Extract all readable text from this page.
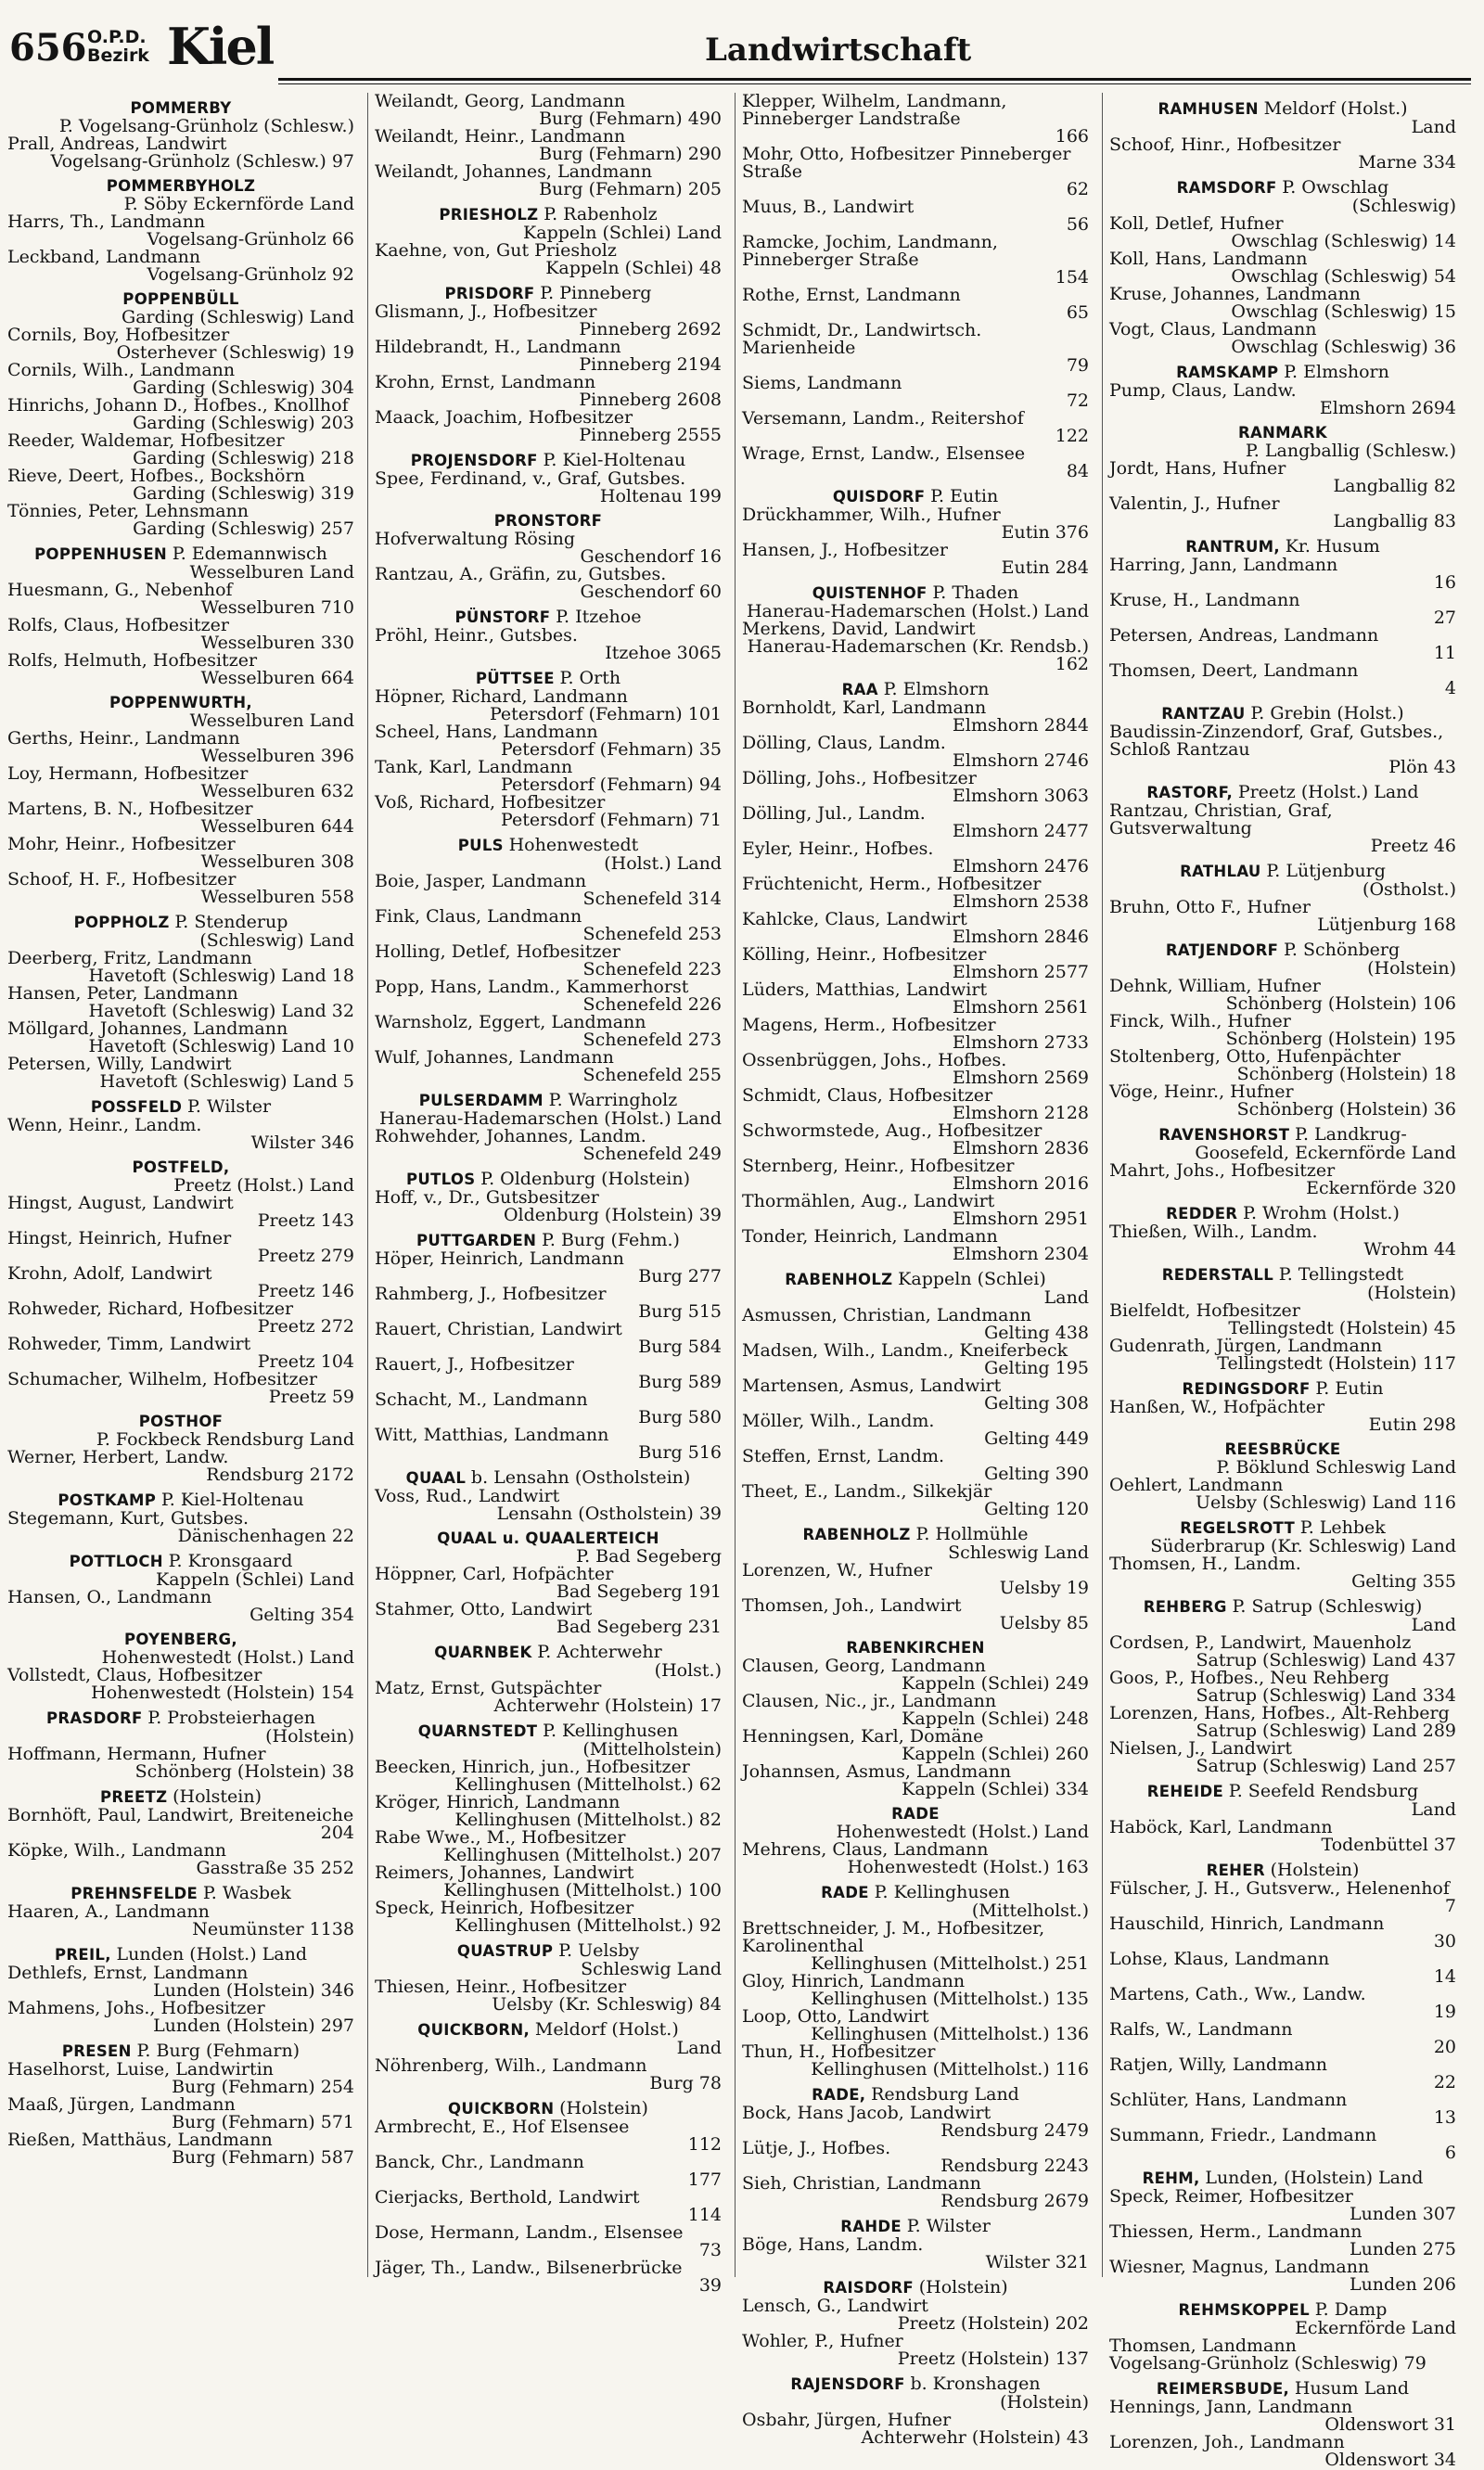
656 O.P.D.
Bezirk Kiel	Landwirtschaft
POMMERBY
P. Vogelsang-Grünholz (Schlesw.)
Prall, Andreas, Landwirt
Vogelsang-Grünholz (Schlesw.) 97
POMMERBYHOLZ
P. Söby Eckernförde Land
Harrs, Th., Landmann
Vogelsang-Grünholz 66
Leckband, Landmann
Vogelsang-Grünholz 92
POPPENBÜLL
Garding (Schleswig) Land
Cornils, Boy, Hofbesitzer
Osterhever (Schleswig) 19
Cornils, Wilh., Landmann
Garding (Schleswig) 304
Hinrichs, Johann D., Hofbes., Knollhof
Garding (Schleswig) 203
Reeder, Waldemar, Hofbesitzer
Garding (Schleswig) 218
Rieve, Deert, Hofbes., Bockshörn
Garding (Schleswig) 319
Tönnies, Peter, Lehnsmann
Garding (Schleswig) 257
POPPENHUSEN P. Edemannwisch
Wesselburen Land
Huesmann, G., Nebenhof
Wesselburen 710
Rolfs, Claus, Hofbesitzer
Wesselburen 330
Rolfs, Helmuth, Hofbesitzer
Wesselburen 664
POPPENWURTH,
Wesselburen Land
Gerths, Heinr., Landmann
Wesselburen 396
Loy, Hermann, Hofbesitzer
Wesselburen 632
Martens, B. N., Hofbesitzer
Wesselburen 644
Mohr, Heinr., Hofbesitzer
Wesselburen 308
Schoof, H. F., Hofbesitzer
Wesselburen 558
POPPHOLZ P. Stenderup
(Schleswig) Land
Deerberg, Fritz, Landmann
Havetoft (Schleswig) Land 18
Hansen, Peter, Landmann
Havetoft (Schleswig) Land 32
Möllgard, Johannes, Landmann
Havetoft (Schleswig) Land 10
Petersen, Willy, Landwirt
Havetoft (Schleswig) Land 5
POSSFELD P. Wilster
Wenn, Heinr., Landm.
Wilster 346
POSTFELD,
Preetz (Holst.) Land
Hingst, August, Landwirt
Preetz 143
Hingst, Heinrich, Hufner
Preetz 279
Krohn, Adolf, Landwirt
Preetz 146
Rohweder, Richard, Hofbesitzer
Preetz 272
Rohweder, Timm, Landwirt
Preetz 104
Schumacher, Wilhelm, Hofbesitzer
Preetz 59
POSTHOF
P. Fockbeck Rendsburg Land
Werner, Herbert, Landw.
Rendsburg 2172
POSTKAMP P. Kiel-Holtenau
Stegemann, Kurt, Gutsbes.
Dänischenhagen 22
POTTLOCH P. Kronsgaard
Kappeln (Schlei) Land
Hansen, O., Landmann
Gelting 354
POYENBERG,
Hohenwestedt (Holst.) Land
Vollstedt, Claus, Hofbesitzer
Hohenwestedt (Holstein) 154
PRASDORF P. Probsteierhagen
(Holstein)
Hoffmann, Hermann, Hufner
Schönberg (Holstein) 38
PREETZ (Holstein)
Bornhöft, Paul, Landwirt, Breiteneiche
204
Köpke, Wilh., Landmann
Gasstraße 35 252
PREHNSFELDE P. Wasbek
Haaren, A., Landmann
Neumünster 1138
PREIL, Lunden (Holst.) Land
Dethlefs, Ernst, Landmann
Lunden (Holstein) 346
Mahmens, Johs., Hofbesitzer
Lunden (Holstein) 297
PRESEN P. Burg (Fehmarn)
Haselhorst, Luise, Landwirtin
Burg (Fehmarn) 254
Maaß, Jürgen, Landmann
Burg (Fehmarn) 571
Rießen, Matthäus, Landmann
Burg (Fehmarn) 587
Weilandt, Georg, Landmann
Burg (Fehmarn) 490
Weilandt, Heinr., Landmann
Burg (Fehmarn) 290
Weilandt, Johannes, Landmann
Burg (Fehmarn) 205
PRIESHOLZ P. Rabenholz
Kappeln (Schlei) Land
Kaehne, von, Gut Priesholz
Kappeln (Schlei) 48
PRISDORF P. Pinneberg
Glismann, J., Hofbesitzer
Pinneberg 2692
Hildebrandt, H., Landmann
Pinneberg 2194
Krohn, Ernst, Landmann
Pinneberg 2608
Maack, Joachim, Hofbesitzer
Pinneberg 2555
PROJENSDORF P. Kiel-Holtenau
Spee, Ferdinand, v., Graf, Gutsbes.
Holtenau 199
PRONSTORF
Hofverwaltung Rösing
Geschendorf 16
Rantzau, A., Gräfin, zu, Gutsbes.
Geschendorf 60
PÜNSTORF P. Itzehoe
Pröhl, Heinr., Gutsbes.
Itzehoe 3065
PÜTTSEE P. Orth
Höpner, Richard, Landmann
Petersdorf (Fehmarn) 101
Scheel, Hans, Landmann
Petersdorf (Fehmarn) 35
Tank, Karl, Landmann
Petersdorf (Fehmarn) 94
Voß, Richard, Hofbesitzer
Petersdorf (Fehmarn) 71
PULS Hohenwestedt
(Holst.) Land
Boie, Jasper, Landmann
Schenefeld 314
Fink, Claus, Landmann
Schenefeld 253
Holling, Detlef, Hofbesitzer
Schenefeld 223
Popp, Hans, Landm., Kammerhorst
Schenefeld 226
Warnsholz, Eggert, Landmann
Schenefeld 273
Wulf, Johannes, Landmann
Schenefeld 255
PULSERDAMM P. Warringholz
Hanerau-Hademarschen (Holst.) Land
Rohwehder, Johannes, Landm.
Schenefeld 249
PUTLOS P. Oldenburg (Holstein)
Hoff, v., Dr., Gutsbesitzer
Oldenburg (Holstein) 39
PUTTGARDEN P. Burg (Fehm.)
Höper, Heinrich, Landmann
Burg 277
Rahmberg, J., Hofbesitzer
Burg 515
Rauert, Christian, Landwirt
Burg 584
Rauert, J., Hofbesitzer
Burg 589
Schacht, M., Landmann
Burg 580
Witt, Matthias, Landmann
Burg 516
QUAAL b. Lensahn (Ostholstein)
Voss, Rud., Landwirt
Lensahn (Ostholstein) 39
QUAAL u. QUAALERTEICH
P. Bad Segeberg
Höppner, Carl, Hofpächter
Bad Segeberg 191
Stahmer, Otto, Landwirt
Bad Segeberg 231
QUARNBEK P. Achterwehr
(Holst.)
Matz, Ernst, Gutspächter
Achterwehr (Holstein) 17
QUARNSTEDT P. Kellinghusen
(Mittelholstein)
Beecken, Hinrich, jun., Hofbesitzer
Kellinghusen (Mittelholst.) 62
Kröger, Hinrich, Landmann
Kellinghusen (Mittelholst.) 82
Rabe Wwe., M., Hofbesitzer
Kellinghusen (Mittelholst.) 207
Reimers, Johannes, Landwirt
Kellinghusen (Mittelholst.) 100
Speck, Heinrich, Hofbesitzer
Kellinghusen (Mittelholst.) 92
QUASTRUP P. Uelsby
Schleswig Land
Thiesen, Heinr., Hofbesitzer
Uelsby (Kr. Schleswig) 84
QUICKBORN, Meldorf (Holst.)
Land
Nöhrenberg, Wilh., Landmann
Burg 78
QUICKBORN (Holstein)
Armbrecht, E., Hof Elsensee
112
Banck, Chr., Landmann
177
Cierjacks, Berthold, Landwirt
114
Dose, Hermann, Landm., Elsensee
73
Jäger, Th., Landw., Bilsenerbrücke
39
Klepper, Wilhelm, Landmann, Pinneberger Landstraße
166
Mohr, Otto, Hofbesitzer Pinneberger Straße
62
Muus, B., Landwirt
56
Ramcke, Jochim, Landmann, Pinneberger Straße
154
Rothe, Ernst, Landmann
65
Schmidt, Dr., Landwirtsch. Marienheide
79
Siems, Landmann
72
Versemann, Landm., Reitershof
122
Wrage, Ernst, Landw., Elsensee
84
QUISDORF P. Eutin
Drückhammer, Wilh., Hufner
Eutin 376
Hansen, J., Hofbesitzer
Eutin 284
QUISTENHOF P. Thaden
Hanerau-Hademarschen (Holst.) Land
Merkens, David, Landwirt
Hanerau-Hademarschen (Kr. Rendsb.) 162
RAA P. Elmshorn
Bornholdt, Karl, Landmann
Elmshorn 2844
Dölling, Claus, Landm.
Elmshorn 2746
Dölling, Johs., Hofbesitzer
Elmshorn 3063
Dölling, Jul., Landm.
Elmshorn 2477
Eyler, Heinr., Hofbes.
Elmshorn 2476
Früchtenicht, Herm., Hofbesitzer
Elmshorn 2538
Kahlcke, Claus, Landwirt
Elmshorn 2846
Kölling, Heinr., Hofbesitzer
Elmshorn 2577
Lüders, Matthias, Landwirt
Elmshorn 2561
Magens, Herm., Hofbesitzer
Elmshorn 2733
Ossenbrüggen, Johs., Hofbes.
Elmshorn 2569
Schmidt, Claus, Hofbesitzer
Elmshorn 2128
Schwormstede, Aug., Hofbesitzer
Elmshorn 2836
Sternberg, Heinr., Hofbesitzer
Elmshorn 2016
Thormählen, Aug., Landwirt
Elmshorn 2951
Tonder, Heinrich, Landmann
Elmshorn 2304
RABENHOLZ Kappeln (Schlei)
Land
Asmussen, Christian, Landmann
Gelting 438
Madsen, Wilh., Landm., Kneiferbeck
Gelting 195
Martensen, Asmus, Landwirt
Gelting 308
Möller, Wilh., Landm.
Gelting 449
Steffen, Ernst, Landm.
Gelting 390
Theet, E., Landm., Silkekjär
Gelting 120
RABENHOLZ P. Hollmühle
Schleswig Land
Lorenzen, W., Hufner
Uelsby 19
Thomsen, Joh., Landwirt
Uelsby 85
RABENKIRCHEN
Clausen, Georg, Landmann
Kappeln (Schlei) 249
Clausen, Nic., jr., Landmann
Kappeln (Schlei) 248
Henningsen, Karl, Domäne
Kappeln (Schlei) 260
Johannsen, Asmus, Landmann
Kappeln (Schlei) 334
RADE
Hohenwestedt (Holst.) Land
Mehrens, Claus, Landmann
Hohenwestedt (Holst.) 163
RADE P. Kellinghusen
(Mittelholst.)
Brettschneider, J. M., Hofbesitzer, Karolinenthal
Kellinghusen (Mittelholst.) 251
Gloy, Hinrich, Landmann
Kellinghusen (Mittelholst.) 135
Loop, Otto, Landwirt
Kellinghusen (Mittelholst.) 136
Thun, H., Hofbesitzer
Kellinghusen (Mittelholst.) 116
RADE, Rendsburg Land
Bock, Hans Jacob, Landwirt
Rendsburg 2479
Lütje, J., Hofbes.
Rendsburg 2243
Sieh, Christian, Landmann
Rendsburg 2679
RAHDE P. Wilster
Böge, Hans, Landm.
Wilster 321
RAISDORF (Holstein)
Lensch, G., Landwirt
Preetz (Holstein) 202
Wohler, P., Hufner
Preetz (Holstein) 137
RAJENSDORF b. Kronshagen
(Holstein)
Osbahr, Jürgen, Hufner
Achterwehr (Holstein) 43
RAMHUSEN Meldorf (Holst.)
Land
Schoof, Hinr., Hofbesitzer
Marne 334
RAMSDORF P. Owschlag
(Schleswig)
Koll, Detlef, Hufner
Owschlag (Schleswig) 14
Koll, Hans, Landmann
Owschlag (Schleswig) 54
Kruse, Johannes, Landmann
Owschlag (Schleswig) 15
Vogt, Claus, Landmann
Owschlag (Schleswig) 36
RAMSKAMP P. Elmshorn
Pump, Claus, Landw.
Elmshorn 2694
RANMARK
P. Langballig (Schlesw.)
Jordt, Hans, Hufner
Langballig 82
Valentin, J., Hufner
Langballig 83
RANTRUM, Kr. Husum
Harring, Jann, Landmann
16
Kruse, H., Landmann
27
Petersen, Andreas, Landmann
11
Thomsen, Deert, Landmann
4
RANTZAU P. Grebin (Holst.)
Baudissin-Zinzendorf, Graf, Gutsbes., Schloß Rantzau
Plön 43
RASTORF, Preetz (Holst.) Land
Rantzau, Christian, Graf, Gutsverwaltung
Preetz 46
RATHLAU P. Lütjenburg
(Ostholst.)
Bruhn, Otto F., Hufner
Lütjenburg 168
RATJENDORF P. Schönberg
(Holstein)
Dehnk, William, Hufner
Schönberg (Holstein) 106
Finck, Wilh., Hufner
Schönberg (Holstein) 195
Stoltenberg, Otto, Hufenpächter
Schönberg (Holstein) 18
Vöge, Heinr., Hufner
Schönberg (Holstein) 36
RAVENSHORST P. Landkrug-
Goosefeld, Eckernförde Land
Mahrt, Johs., Hofbesitzer
Eckernförde 320
REDDER P. Wrohm (Holst.)
Thießen, Wilh., Landm.
Wrohm 44
REDERSTALL P. Tellingstedt
(Holstein)
Bielfeldt, Hofbesitzer
Tellingstedt (Holstein) 45
Gudenrath, Jürgen, Landmann
Tellingstedt (Holstein) 117
REDINGSDORF P. Eutin
Hanßen, W., Hofpächter
Eutin 298
REESBRÜCKE
P. Böklund Schleswig Land
Oehlert, Landmann
Uelsby (Schleswig) Land 116
REGELSROTT P. Lehbek
Süderbrarup (Kr. Schleswig) Land
Thomsen, H., Landm.
Gelting 355
REHBERG P. Satrup (Schleswig)
Land
Cordsen, P., Landwirt, Mauenholz
Satrup (Schleswig) Land 437
Goos, P., Hofbes., Neu Rehberg
Satrup (Schleswig) Land 334
Lorenzen, Hans, Hofbes., Alt-Rehberg
Satrup (Schleswig) Land 289
Nielsen, J., Landwirt
Satrup (Schleswig) Land 257
REHEIDE P. Seefeld Rendsburg
Land
Haböck, Karl, Landmann
Todenbüttel 37
REHER (Holstein)
Fülscher, J. H., Gutsverw., Helenenhof
7
Hauschild, Hinrich, Landmann
30
Lohse, Klaus, Landmann
14
Martens, Cath., Ww., Landw.
19
Ralfs, W., Landmann
20
Ratjen, Willy, Landmann
22
Schlüter, Hans, Landmann
13
Summann, Friedr., Landmann
6
REHM, Lunden, (Holstein) Land
Speck, Reimer, Hofbesitzer
Lunden 307
Thiessen, Herm., Landmann
Lunden 275
Wiesner, Magnus, Landmann
Lunden 206
REHMSKOPPEL P. Damp
Eckernförde Land
Thomsen, Landmann
Vogelsang-Grünholz (Schleswig) 79
REIMERSBUDE, Husum Land
Hennings, Jann, Landmann
Oldenswort 31
Lorenzen, Joh., Landmann
Oldenswort 34
